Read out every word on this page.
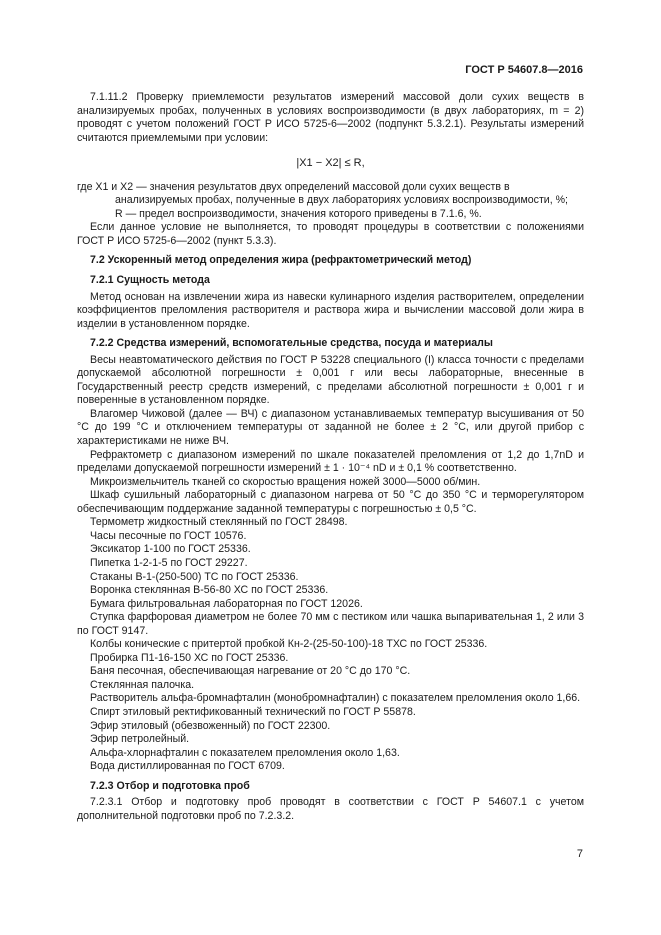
ГОСТ Р 54607.8—2016

7.1.11.2 Проверку приемлемости результатов измерений массовой доли сухих веществ в анализируемых пробах, полученных в условиях воспроизводимости (в двух лабораториях, m = 2) проводят с учетом положений ГОСТ Р ИСО 5725-6—2002 (подпункт 5.3.2.1). Результаты измерений считаются приемлемыми при условии:

|X1 − X2| ≤ R,

где X1 и X2 — значения результатов двух определений массовой доли сухих веществ в анализируемых пробах, полученные в двух лабораториях условиях воспроизводимости, %;

R — предел воспроизводимости, значения которого приведены в 7.1.6, %.

Если данное условие не выполняется, то проводят процедуры в соответствии с положениями ГОСТ Р ИСО 5725-6—2002 (пункт 5.3.3).

7.2 Ускоренный метод определения жира (рефрактометрический метод)

7.2.1 Сущность метода

Метод основан на извлечении жира из навески кулинарного изделия растворителем, определении коэффициентов преломления растворителя и раствора жира и вычислении массовой доли жира в изделии в установленном порядке.

7.2.2 Средства измерений, вспомогательные средства, посуда и материалы

Весы неавтоматического действия по ГОСТ Р 53228 специального (I) класса точности с пределами допускаемой абсолютной погрешности ± 0,001 г или весы лабораторные, внесенные в Государственный реестр средств измерений, с пределами абсолютной погрешности ± 0,001 г и поверенные в установленном порядке.

Влагомер Чижовой (далее — ВЧ) с диапазоном устанавливаемых температур высушивания от 50 °С до 199 °С и отключением температуры от заданной не более ± 2 °С, или другой прибор с характеристиками не ниже ВЧ.

Рефрактометр с диапазоном измерений по шкале показателей преломления от 1,2 до 1,7nD и пределами допускаемой погрешности измерений ± 1 · 10⁻⁴ nD и ± 0,1 % соответственно.

Микроизмельчитель тканей со скоростью вращения ножей 3000—5000 об/мин.

Шкаф сушильный лабораторный с диапазоном нагрева от 50 °С до 350 °С и терморегулятором обеспечивающим поддержание заданной температуры с погрешностью ± 0,5 °С.

Термометр жидкостный стеклянный по ГОСТ 28498.

Часы песочные по ГОСТ 10576.

Эксикатор 1-100 по ГОСТ 25336.

Пипетка 1-2-1-5 по ГОСТ 29227.

Стаканы В-1-(250-500) ТС по ГОСТ 25336.

Воронка стеклянная В-56-80 ХС по ГОСТ 25336.

Бумага фильтровальная лабораторная по ГОСТ 12026.

Ступка фарфоровая диаметром не более 70 мм с пестиком или чашка выпаривательная 1, 2 или 3 по ГОСТ 9147.

Колбы конические с притертой пробкой Кн-2-(25-50-100)-18 ТХС по ГОСТ 25336.

Пробирка П1-16-150 ХС по ГОСТ 25336.

Баня песочная, обеспечивающая нагревание от 20 °С до 170 °С.

Стеклянная палочка.

Растворитель альфа-бромнафталин (монобромнафталин) с показателем преломления около 1,66.

Спирт этиловый ректификованный технический по ГОСТ Р 55878.

Эфир этиловый (обезвоженный) по ГОСТ 22300.

Эфир петролейный.

Альфа-хлорнафталин с показателем преломления около 1,63.

Вода дистиллированная по ГОСТ 6709.

7.2.3 Отбор и подготовка проб

7.2.3.1 Отбор и подготовку проб проводят в соответствии с ГОСТ Р 54607.1 с учетом дополнительной подготовки проб по 7.2.3.2.

7
